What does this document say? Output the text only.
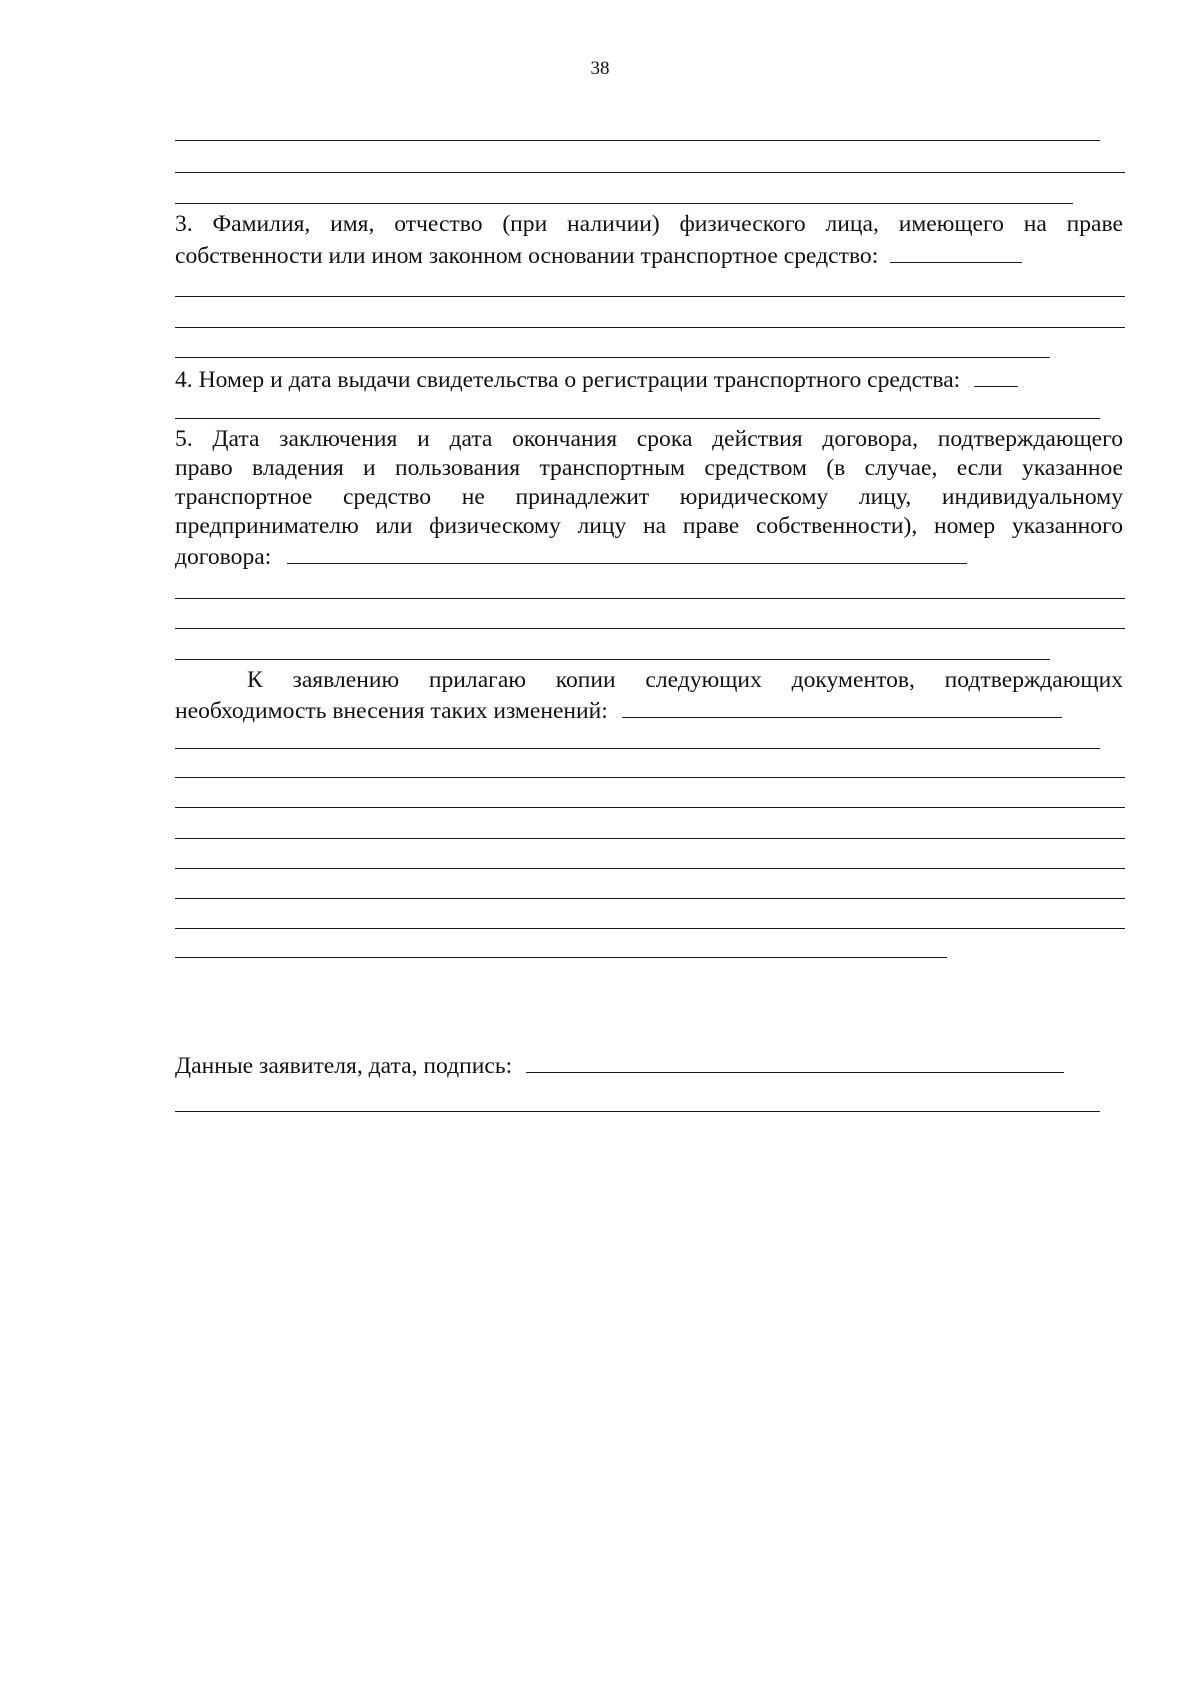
38

3. Фамилия, имя, отчество (при наличии) физического лица, имеющего на праве

собственности или ином законном основании транспортное средство:

4. Номер и дата выдачи свидетельства о регистрации транспортного средства:

5. Дата заключения и дата окончания срока действия договора, подтверждающего

право владения и пользования транспортным средством (в случае, если указанное

транспортное средство не принадлежит юридическому лицу, индивидуальному

предпринимателю или физическому лицу на праве собственности), номер указанного

договора:

К заявлению прилагаю копии следующих документов, подтверждающих

необходимость внесения таких изменений:

Данные заявителя, дата, подпись:
